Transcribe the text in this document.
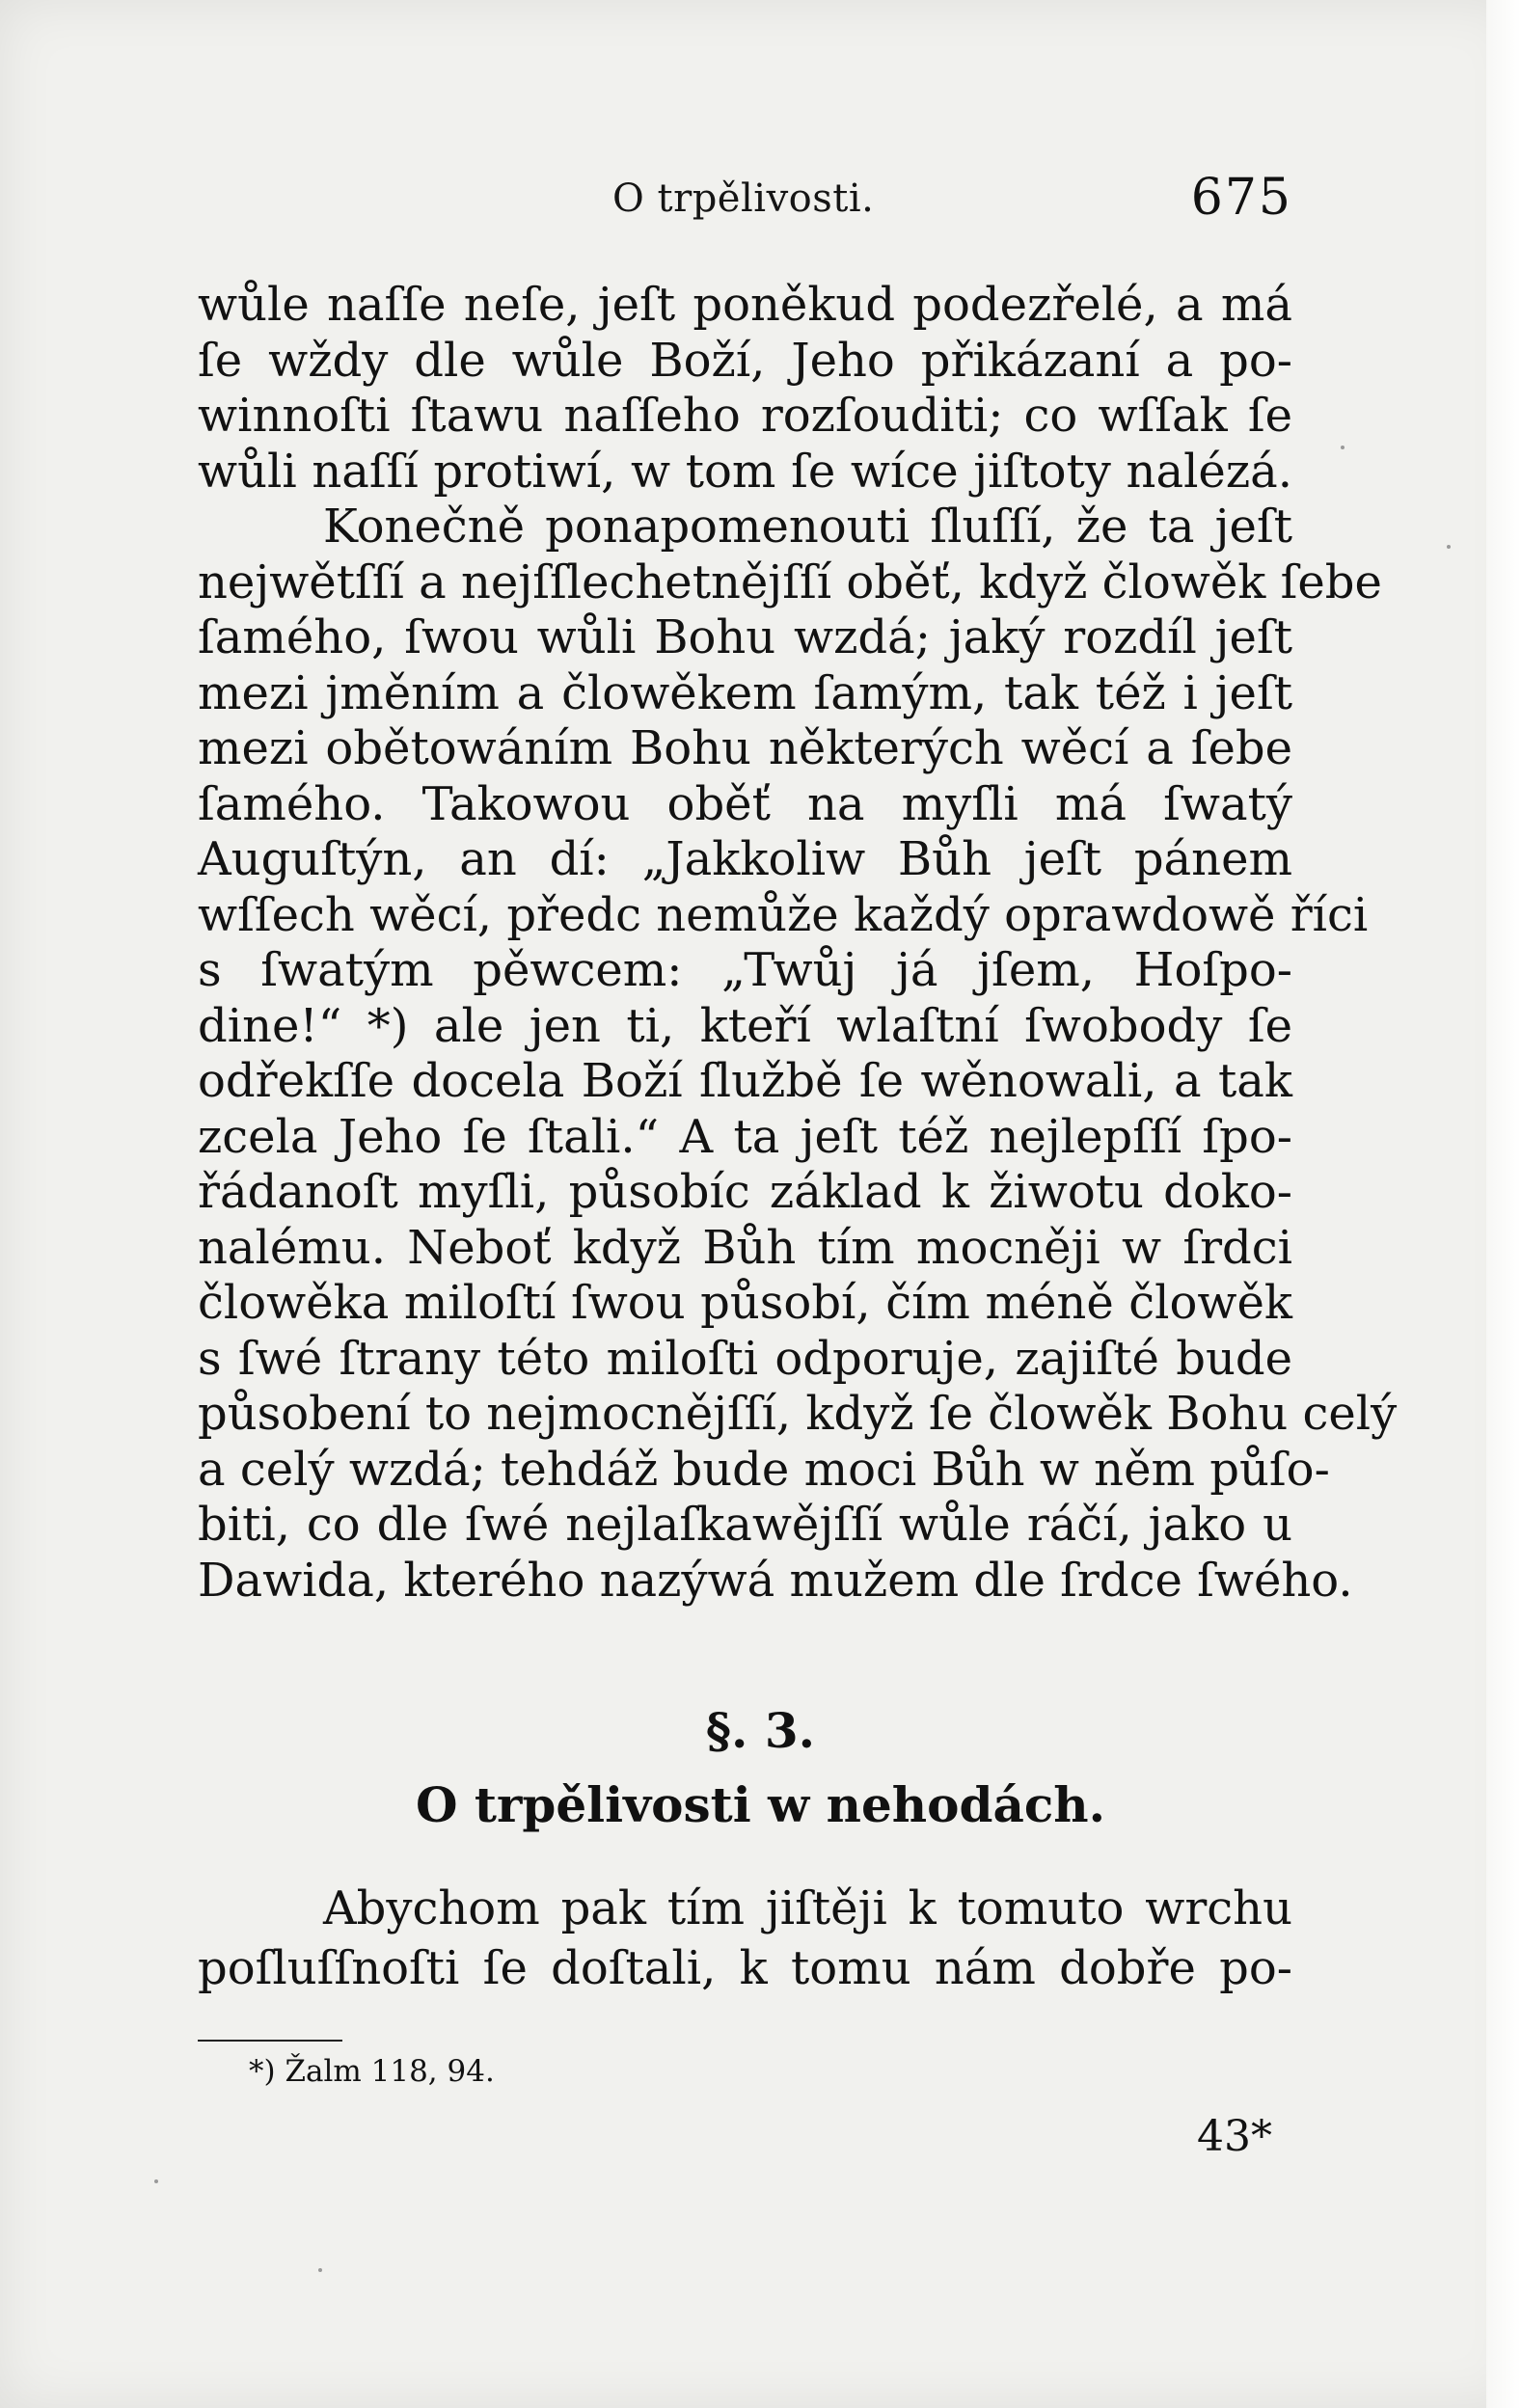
O trpělivosti.	675
wůle naſſe neſe, jeſt poněkud podezřelé, a má
ſe wždy dle wůle Boží, Jeho přikázaní a po-
winnoſti ſtawu naſſeho rozſouditi; co wſſak ſe
wůli naſſí protiwí, w tom ſe wíce jiſtoty nalézá.
Konečně ponapomenouti ſluſſí, že ta jeſt
nejwětſſí a nejſſlechetnějſſí oběť, když člowěk ſebe
ſamého, ſwou wůli Bohu wzdá; jaký rozdíl jeſt
mezi jměním a člowěkem ſamým, tak též i jeſt
mezi obětowáním Bohu některých wěcí a ſebe
ſamého. Takowou oběť na myſli má ſwatý
Auguſtýn, an dí: „Jakkoliw Bůh jeſt pánem
wſſech wěcí, předc nemůže každý oprawdowě říci
s ſwatým pěwcem: „Twůj já jſem, Hoſpo-
dine!“ *) ale jen ti, kteří wlaſtní ſwobody ſe
odřekſſe docela Boží ſlužbě ſe wěnowali, a tak
zcela Jeho ſe ſtali.“ A ta jeſt též nejlepſſí ſpo-
řádanoſt myſli, působíc základ k žiwotu doko-
nalému. Neboť když Bůh tím mocněji w ſrdci
člowěka miloſtí ſwou působí, čím méně člowěk
s ſwé ſtrany této miloſti odporuje, zajiſté bude
působení to nejmocnějſſí, když ſe člowěk Bohu celý
a celý wzdá; tehdáž bude moci Bůh w něm půſo-
biti, co dle ſwé nejlaſkawějſſí wůle ráčí, jako u
Dawida, kterého nazýwá mužem dle ſrdce ſwého.
§. 3.
O trpělivosti w nehodách.
Abychom pak tím jiſtěji k tomuto wrchu
poſluſſnoſti ſe doſtali, k tomu nám dobře po-
*) Žalm 118, 94.
43*
